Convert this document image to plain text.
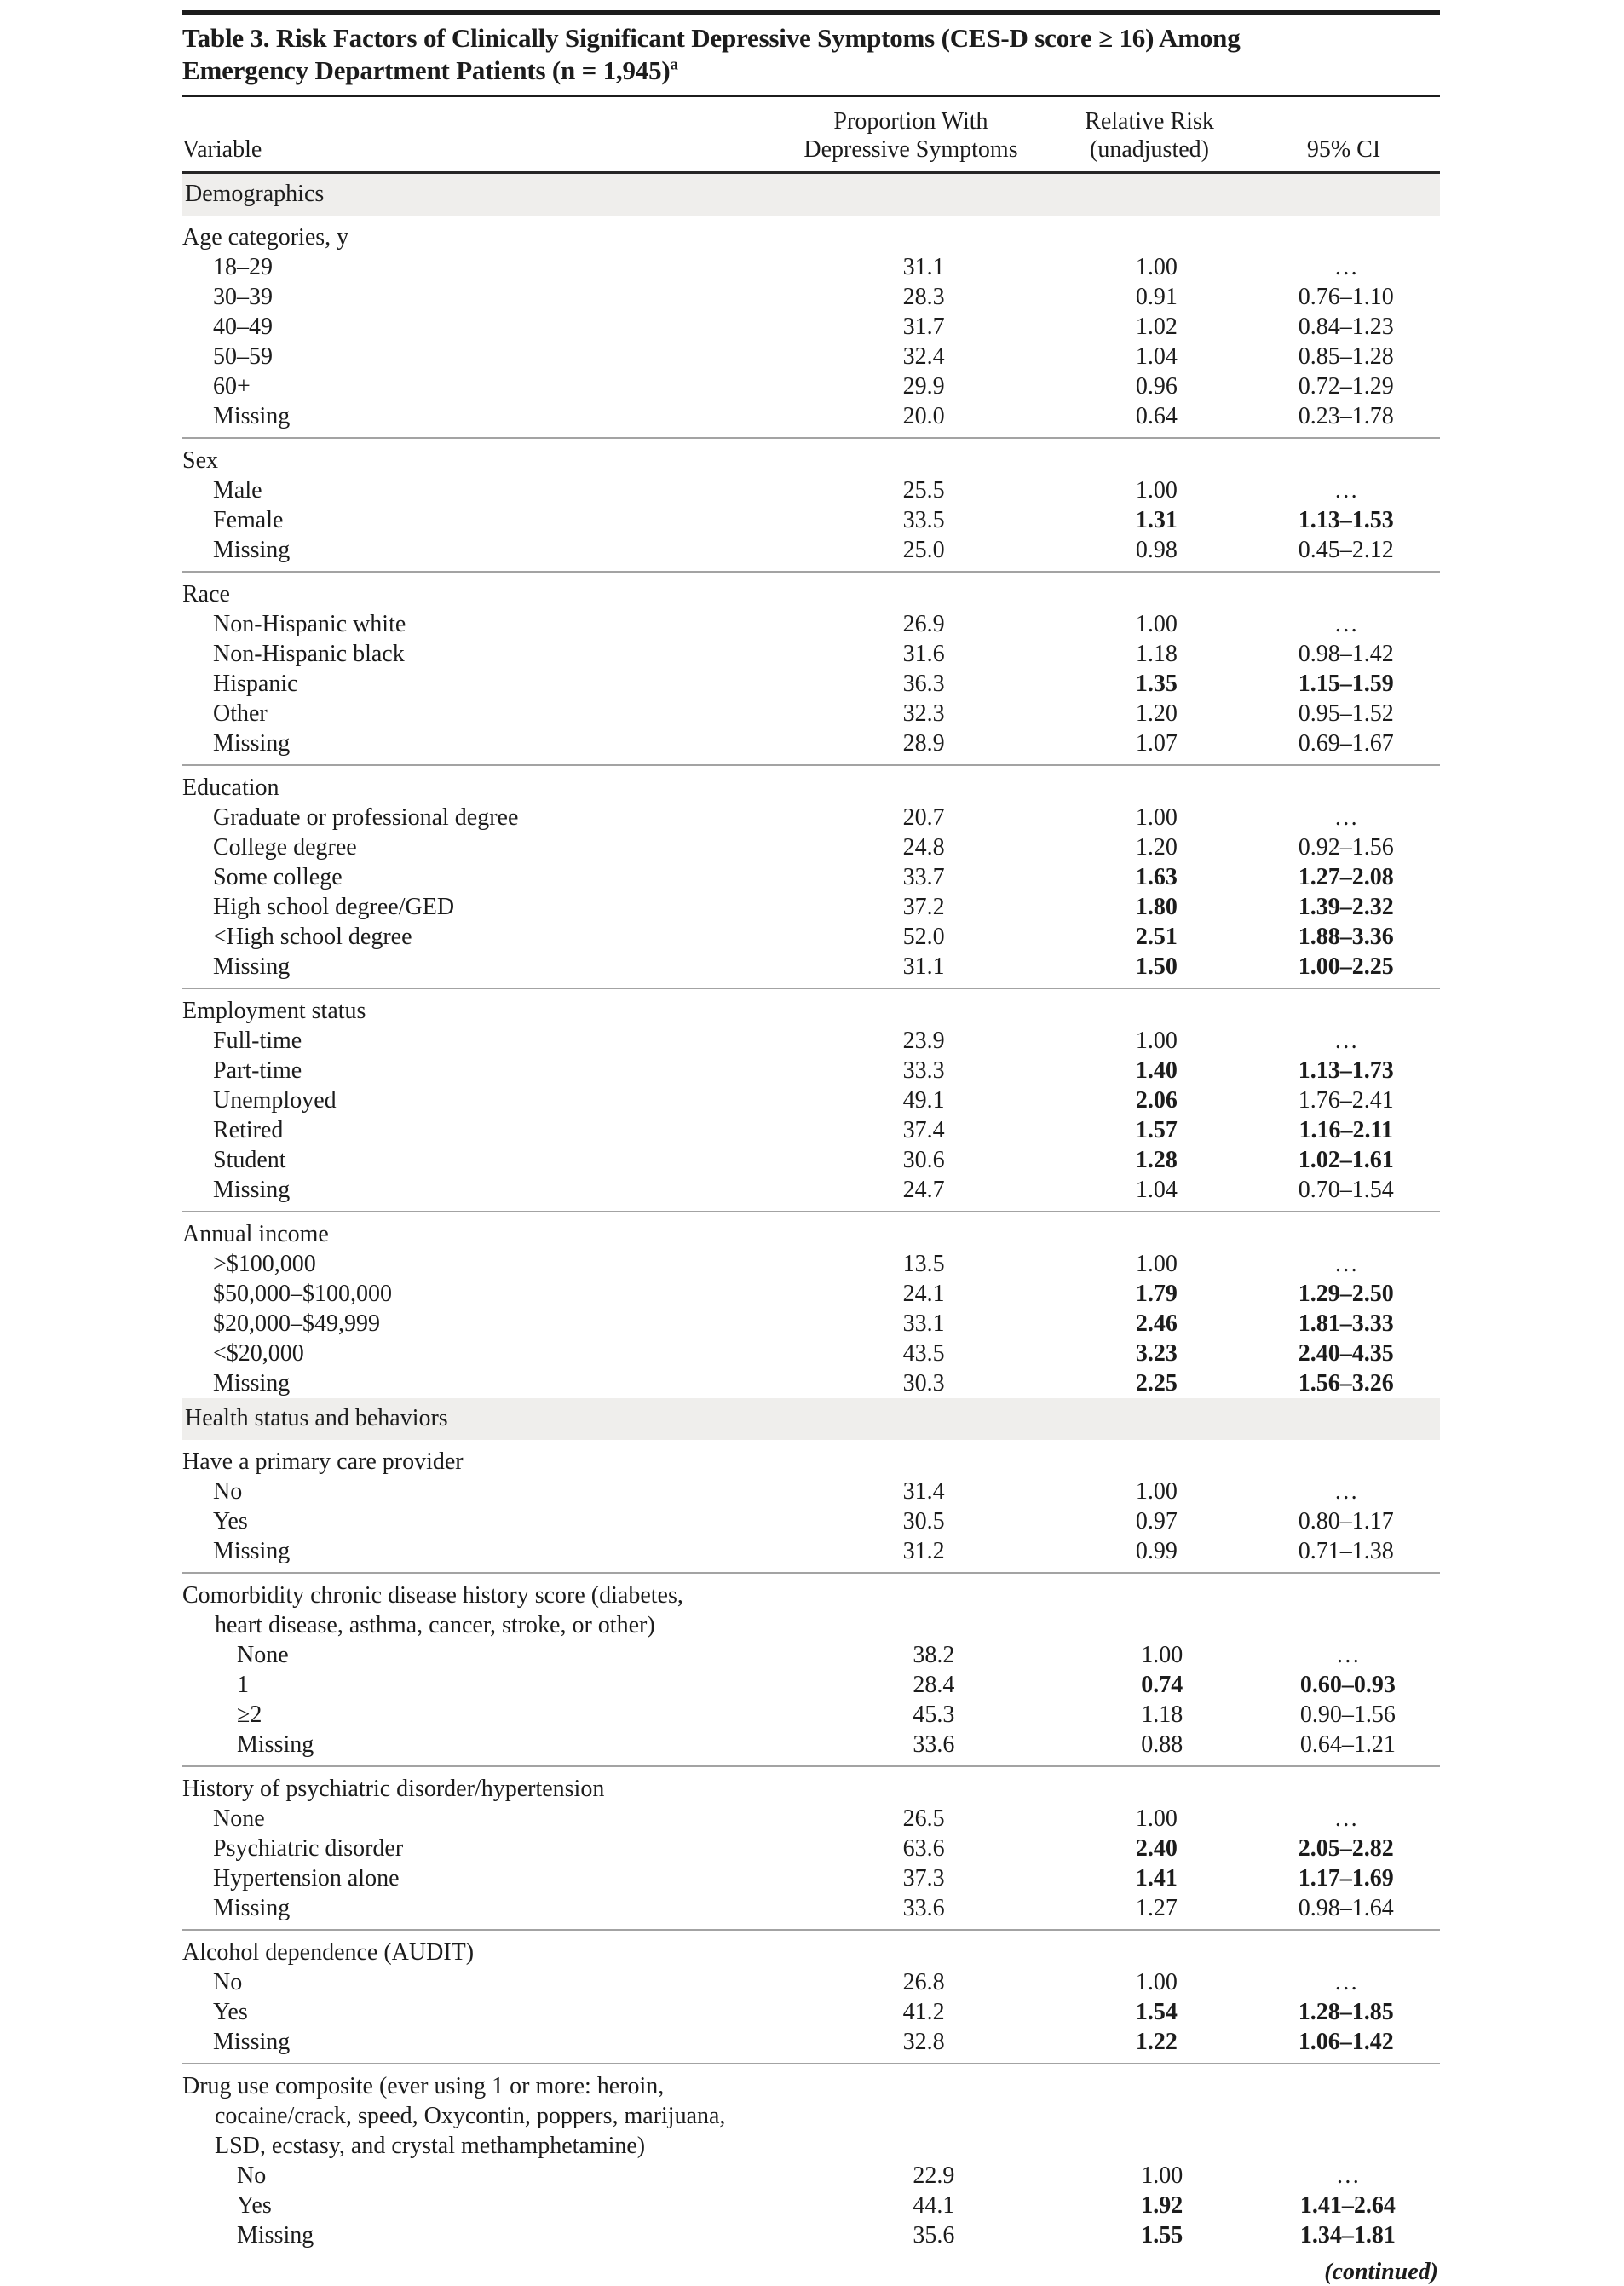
Table 3. Risk Factors of Clinically Significant Depressive Symptoms (CES-D score ≥ 16) Among
Emergency Department Patients (n = 1,945)$^a$
Variable
Proportion With
Depressive Symptoms
Relative Risk
(unadjusted)	95% CI
Demographics
Age categories, y
18–29	31.1	1.00	…
30–39	28.3	0.91	0.76–1.10
40–49	31.7	1.02	0.84–1.23
50–59	32.4	1.04	0.85–1.28
60+	29.9	0.96	0.72–1.29
Missing	20.0	0.64	0.23–1.78
Sex
Male	25.5	1.00	…
Female	33.5	1.31	1.13–1.53
Missing	25.0	0.98	0.45–2.12
Race
Non-Hispanic white	26.9	1.00	…
Non-Hispanic black	31.6	1.18	0.98–1.42
Hispanic	36.3	1.35	1.15–1.59
Other	32.3	1.20	0.95–1.52
Missing	28.9	1.07	0.69–1.67
Education
Graduate or professional degree	20.7	1.00	…
College degree	24.8	1.20	0.92–1.56
Some college	33.7	1.63	1.27–2.08
High school degree/GED	37.2	1.80	1.39–2.32
<High school degree	52.0	2.51	1.88–3.36
Missing	31.1	1.50	1.00–2.25
Employment status
Full-time	23.9	1.00	…
Part-time	33.3	1.40	1.13–1.73
Unemployed	49.1	2.06	1.76–2.41
Retired	37.4	1.57	1.16–2.11
Student	30.6	1.28	1.02–1.61
Missing	24.7	1.04	0.70–1.54
Annual income
>$100,000	13.5	1.00	…
$50,000–$100,000	24.1	1.79	1.29–2.50
$20,000–$49,999	33.1	2.46	1.81–3.33
<$20,000	43.5	3.23	2.40–4.35
Missing	30.3	2.25	1.56–3.26
Health status and behaviors
Have a primary care provider
No	31.4	1.00	…
Yes	30.5	0.97	0.80–1.17
Missing	31.2	0.99	0.71–1.38
Comorbidity chronic disease history score (diabetes,
heart disease, asthma, cancer, stroke, or other)
None	38.2	1.00	…
1	28.4	0.74	0.60–0.93
≥2	45.3	1.18	0.90–1.56
Missing	33.6	0.88	0.64–1.21
History of psychiatric disorder/hypertension
None	26.5	1.00	…
Psychiatric disorder	63.6	2.40	2.05–2.82
Hypertension alone	37.3	1.41	1.17–1.69
Missing	33.6	1.27	0.98–1.64
Alcohol dependence (AUDIT)
No	26.8	1.00	…
Yes	41.2	1.54	1.28–1.85
Missing	32.8	1.22	1.06–1.42
Drug use composite (ever using 1 or more: heroin,
cocaine/crack, speed, Oxycontin, poppers, marijuana,
LSD, ecstasy, and crystal methamphetamine)
No	22.9	1.00	…
Yes	44.1	1.92	1.41–2.64
Missing	35.6	1.55	1.34–1.81
(continued)
